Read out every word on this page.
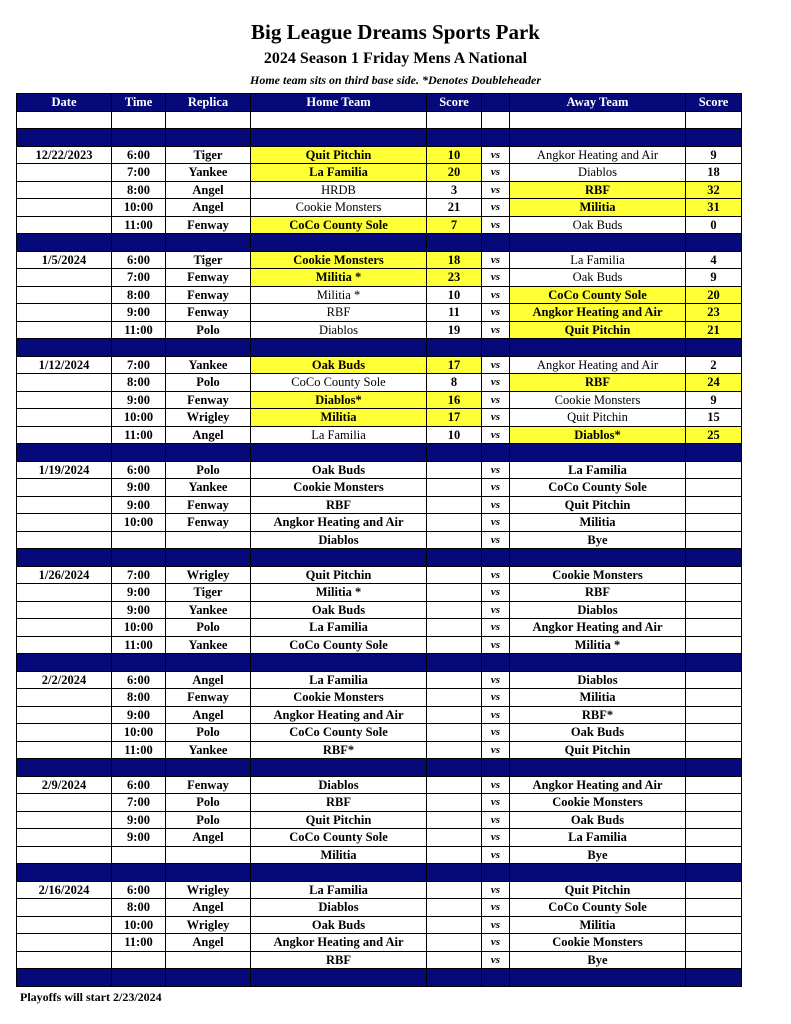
Big League Dreams Sports Park
2024 Season 1 Friday Mens A National
Home team sits on third base side. *Denotes Doubleheader
Date	Time	Replica	Home Team	Score		Away Team	Score

12/22/2023	6:00	Tiger	Quit Pitchin	10	vs	Angkor Heating and Air	9
	7:00	Yankee	La Familia	20	vs	Diablos	18
	8:00	Angel	HRDB	3	vs	RBF	32
	10:00	Angel	Cookie Monsters	21	vs	Militia	31
	11:00	Fenway	CoCo County Sole	7	vs	Oak Buds	0

1/5/2024	6:00	Tiger	Cookie Monsters	18	vs	La Familia	4
	7:00	Fenway	Militia *	23	vs	Oak Buds	9
	8:00	Fenway	Militia *	10	vs	CoCo County Sole	20
	9:00	Fenway	RBF	11	vs	Angkor Heating and Air	23
	11:00	Polo	Diablos	19	vs	Quit Pitchin	21

1/12/2024	7:00	Yankee	Oak Buds	17	vs	Angkor Heating and Air	2
	8:00	Polo	CoCo County Sole	8	vs	RBF	24
	9:00	Fenway	Diablos*	16	vs	Cookie Monsters	9
	10:00	Wrigley	Militia	17	vs	Quit Pitchin	15
	11:00	Angel	La Familia	10	vs	Diablos*	25

1/19/2024	6:00	Polo	Oak Buds		vs	La Familia	
	9:00	Yankee	Cookie Monsters		vs	CoCo County Sole	
	9:00	Fenway	RBF		vs	Quit Pitchin	
	10:00	Fenway	Angkor Heating and Air		vs	Militia	
			Diablos		vs	Bye	

1/26/2024	7:00	Wrigley	Quit Pitchin		vs	Cookie Monsters	
	9:00	Tiger	Militia *		vs	RBF	
	9:00	Yankee	Oak Buds		vs	Diablos	
	10:00	Polo	La Familia		vs	Angkor Heating and Air	
	11:00	Yankee	CoCo County Sole		vs	Militia *	

2/2/2024	6:00	Angel	La Familia		vs	Diablos	
	8:00	Fenway	Cookie Monsters		vs	Militia	
	9:00	Angel	Angkor Heating and Air		vs	RBF*	
	10:00	Polo	CoCo County Sole		vs	Oak Buds	
	11:00	Yankee	RBF*		vs	Quit Pitchin	

2/9/2024	6:00	Fenway	Diablos		vs	Angkor Heating and Air	
	7:00	Polo	RBF		vs	Cookie Monsters	
	9:00	Polo	Quit Pitchin		vs	Oak Buds	
	9:00	Angel	CoCo County Sole		vs	La Familia	
			Militia		vs	Bye	

2/16/2024	6:00	Wrigley	La Familia		vs	Quit Pitchin	
	8:00	Angel	Diablos		vs	CoCo County Sole	
	10:00	Wrigley	Oak Buds		vs	Militia	
	11:00	Angel	Angkor Heating and Air		vs	Cookie Monsters	
			RBF		vs	Bye	

Playoffs will start 2/23/2024
